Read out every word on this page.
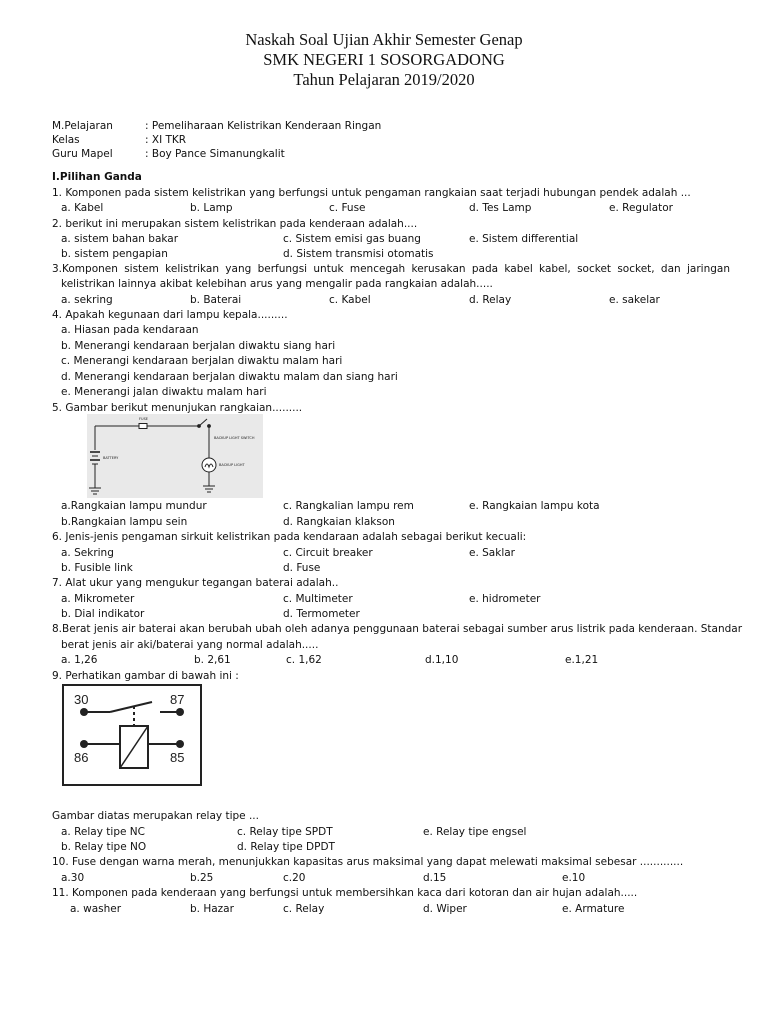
Naskah Soal Ujian Akhir Semester Genap
SMK NEGERI 1 SOSORGADONG
Tahun Pelajaran 2019/2020
M.Pelajaran	: Pemeliharaan Kelistrikan Kenderaan Ringan
Kelas	: XI TKR
Guru Mapel	: Boy Pance Simanungkalit
I.Pilihan Ganda
1. Komponen pada sistem kelistrikan yang berfungsi untuk pengaman rangkaian saat terjadi hubungan pendek adalah ...
a. Kabel	b. Lamp	c. Fuse	d. Tes Lamp	e. Regulator
2. berikut ini merupakan sistem kelistrikan pada kenderaan adalah....
a. sistem bahan bakar	c. Sistem emisi gas buang	e. Sistem differential
b. sistem pengapian	d. Sistem transmisi otomatis
3.Komponen sistem kelistrikan yang berfungsi untuk mencegah kerusakan pada kabel kabel, socket socket, dan jaringan
kelistrikan lainnya akibat kelebihan arus yang mengalir pada rangkaian adalah.....
a. sekring	b. Baterai	c. Kabel	d. Relay	e. sakelar
4. Apakah kegunaan dari lampu kepala.........
a. Hiasan pada kendaraan
b. Menerangi kendaraan berjalan diwaktu siang hari
c. Menerangi kendaraan berjalan diwaktu malam hari
d. Menerangi kendaraan berjalan diwaktu malam dan siang hari
e. Menerangi jalan diwaktu malam hari
5. Gambar berikut menunjukan rangkaian.........
FUSE
BACKUP LIGHT SWITCH
BATTERY
BACKUP LIGHT
a.Rangkaian lampu mundur	c. Rangkalian lampu rem	e. Rangkaian lampu kota
b.Rangkaian lampu sein	d. Rangkaian klakson
6. Jenis-jenis pengaman sirkuit kelistrikan pada kendaraan adalah sebagai berikut kecuali:
a. Sekring	c. Circuit breaker	e. Saklar
b. Fusible link	d. Fuse
7. Alat ukur yang mengukur tegangan baterai adalah..
a. Mikrometer	c. Multimeter	e. hidrometer
b. Dial indikator	d. Termometer
8.Berat jenis air baterai akan berubah ubah oleh adanya penggunaan baterai sebagai sumber arus listrik pada kenderaan. Standar
berat jenis air aki/baterai yang normal adalah.....
a. 1,26	b. 2,61	c. 1,62	d.1,10	e.1,21
9. Perhatikan gambar di bawah ini :
30	87
86	85
Gambar diatas merupakan relay tipe ...
a. Relay tipe NC	c. Relay tipe SPDT	e. Relay tipe engsel
b. Relay tipe NO	d. Relay tipe DPDT
10. Fuse dengan warna merah, menunjukkan kapasitas arus maksimal yang dapat melewati maksimal sebesar .............
a.30	b.25	c.20	d.15	e.10
11. Komponen pada kenderaan yang berfungsi untuk membersihkan kaca dari kotoran dan air hujan adalah.....
a. washer	b. Hazar	c. Relay	d. Wiper	e. Armature
